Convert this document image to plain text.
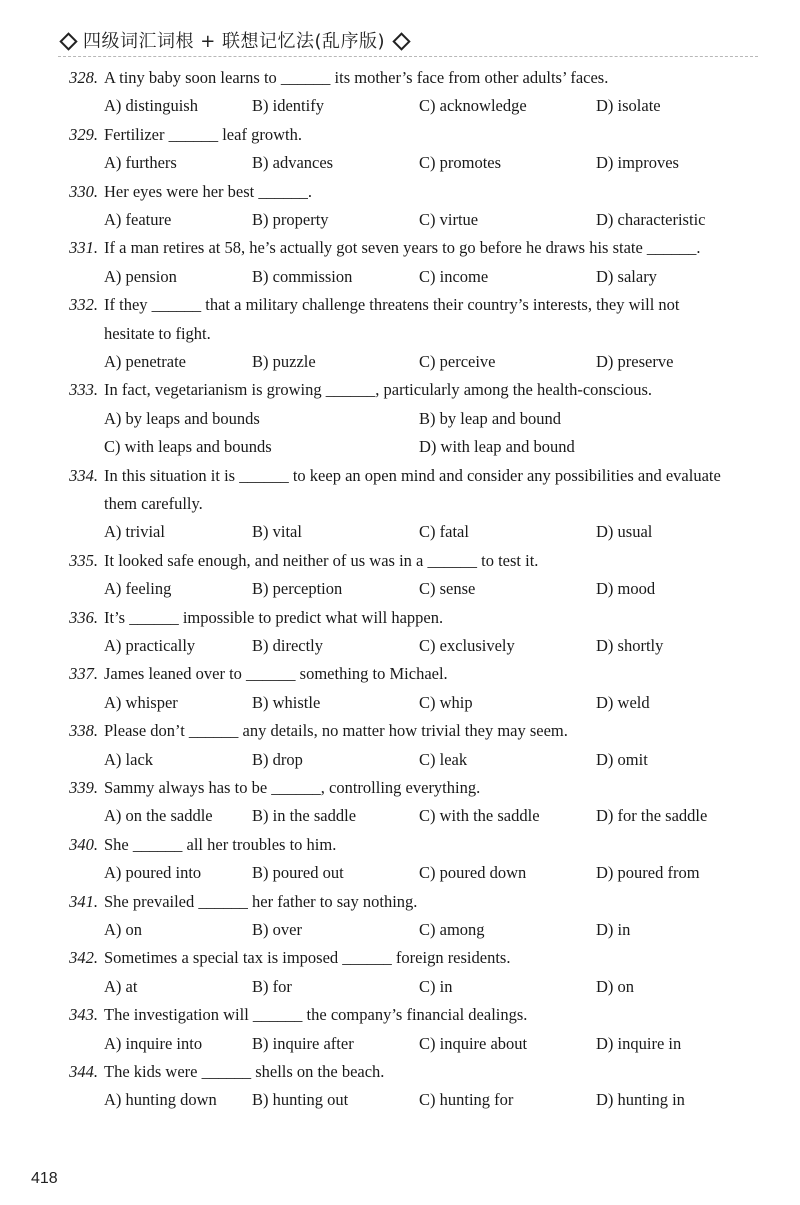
四级词汇词根 + 联想记忆法(乱序版)
328. A tiny baby soon learns to ______ its mother’s face from other adults’ faces.
A) distinguish	B) identify	C) acknowledge	D) isolate
329. Fertilizer ______ leaf growth.
A) furthers	B) advances	C) promotes	D) improves
330. Her eyes were her best ______.
A) feature	B) property	C) virtue	D) characteristic
331. If a man retires at 58, he’s actually got seven years to go before he draws his state ______.
A) pension	B) commission	C) income	D) salary
332. If they ______ that a military challenge threatens their country’s interests, they will not hesitate to fight.
A) penetrate	B) puzzle	C) perceive	D) preserve
333. In fact, vegetarianism is growing ______, particularly among the health-conscious.
A) by leaps and bounds	B) by leap and bound
C) with leaps and bounds	D) with leap and bound
334. In this situation it is ______ to keep an open mind and consider any possibilities and evaluate them carefully.
A) trivial	B) vital	C) fatal	D) usual
335. It looked safe enough, and neither of us was in a ______ to test it.
A) feeling	B) perception	C) sense	D) mood
336. It’s ______ impossible to predict what will happen.
A) practically	B) directly	C) exclusively	D) shortly
337. James leaned over to ______ something to Michael.
A) whisper	B) whistle	C) whip	D) weld
338. Please don’t ______ any details, no matter how trivial they may seem.
A) lack	B) drop	C) leak	D) omit
339. Sammy always has to be ______, controlling everything.
A) on the saddle B) in the saddle	C) with the saddle	D) for the saddle
340. She ______ all her troubles to him.
A) poured into	B) poured out	C) poured down	D) poured from
341. She prevailed ______ her father to say nothing.
A) on	B) over	C) among	D) in
342. Sometimes a special tax is imposed ______ foreign residents.
A) at	B) for	C) in	D) on
343. The investigation will ______ the company’s financial dealings.
A) inquire into	B) inquire after	C) inquire about	D) inquire in
344. The kids were ______ shells on the beach.
A) hunting down B) hunting out	C) hunting for	D) hunting in
418
